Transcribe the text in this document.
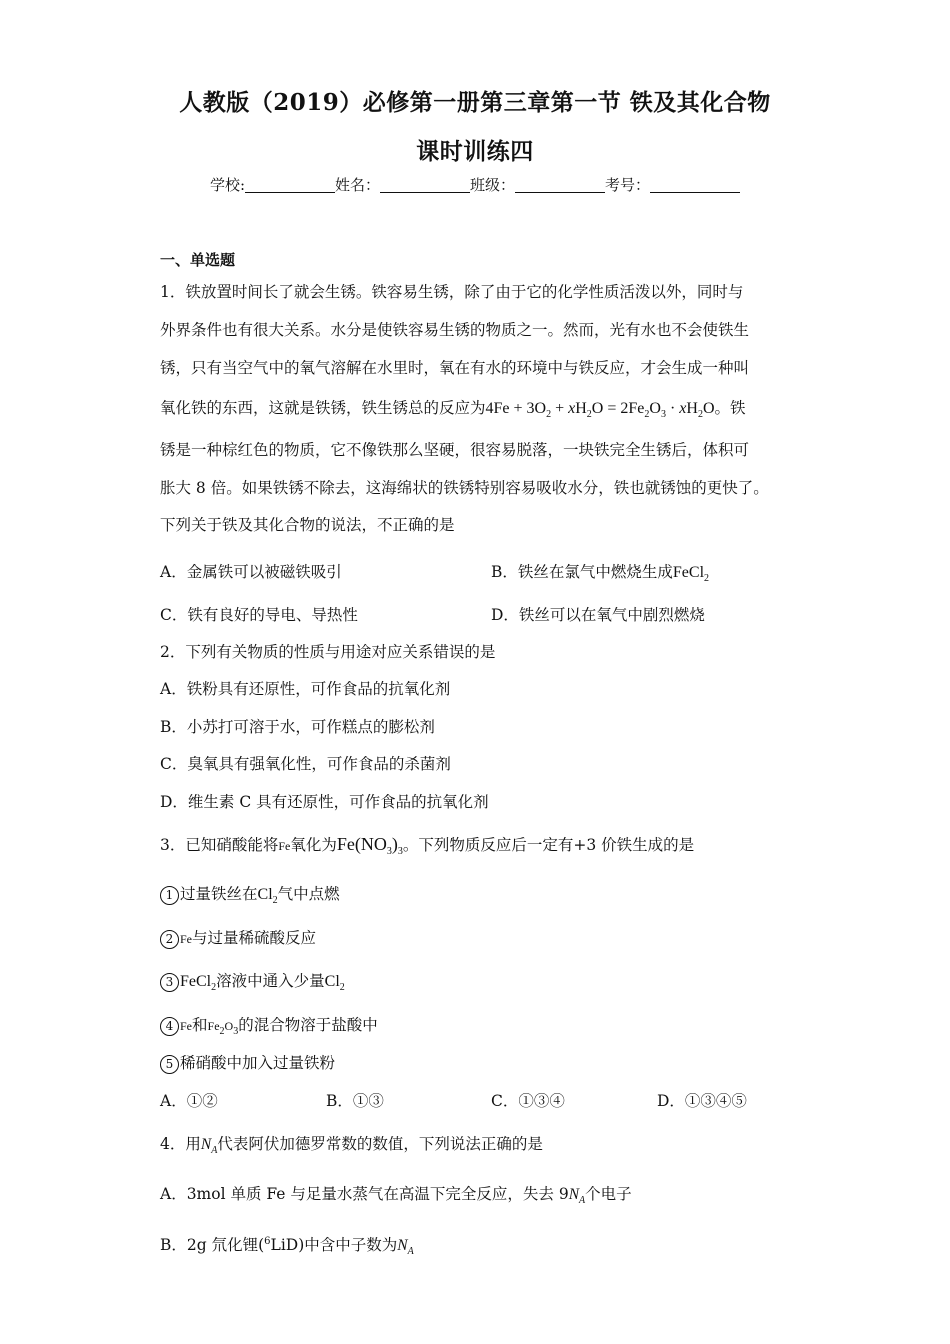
人教版（2019）必修第一册第三章第一节 铁及其化合物
课时训练四
学校:	姓名：	班级：	考号：
一、单选题
1．铁放置时间长了就会生锈。铁容易生锈，除了由于它的化学性质活泼以外，同时与
外界条件也有很大关系。水分是使铁容易生锈的物质之一。然而，光有水也不会使铁生
锈，只有当空气中的氧气溶解在水里时，氧在有水的环境中与铁反应，才会生成一种叫
氧化铁的东西，这就是铁锈，铁生锈总的反应为$4Fe + 3O_2 + xH_2O = 2Fe_2O_3 \cdot xH_2O$。铁
锈是一种棕红色的物质，它不像铁那么坚硬，很容易脱落，一块铁完全生锈后，体积可
胀大 8 倍。如果铁锈不除去，这海绵状的铁锈特别容易吸收水分，铁也就锈蚀的更快了。
下列关于铁及其化合物的说法，不正确的是
A．金属铁可以被磁铁吸引	B．铁丝在氯气中燃烧生成FeCl$_2$
C．铁有良好的导电、导热性	D．铁丝可以在氧气中剧烈燃烧
2．下列有关物质的性质与用途对应关系错误的是
A．铁粉具有还原性，可作食品的抗氧化剂
B．小苏打可溶于水，可作糕点的膨松剂
C．臭氧具有强氧化性，可作食品的杀菌剂
D．维生素 C 具有还原性，可作食品的抗氧化剂
3．已知硝酸能将Fe氧化为$Fe(NO_3)_3$。下列物质反应后一定有+3 价铁生成的是
1 过量铁丝在$Cl_2$气中点燃
2 Fe与过量稀硫酸反应
3 FeCl$_2$溶液中通入少量$Cl_2$
4 Fe和$Fe_2O_3$的混合物溶于盐酸中
5 稀硝酸中加入过量铁粉
A．①②	B．①③	C．①③④	D．①③④⑤
4．用$N_A$代表阿伏加德罗常数的数值，下列说法正确的是
A．3mol 单质 Fe 与足量水蒸气在高温下完全反应，失去 $9N_A$个电子
B．2g 氘化锂($^6$LiD)中含中子数为$N_A$
